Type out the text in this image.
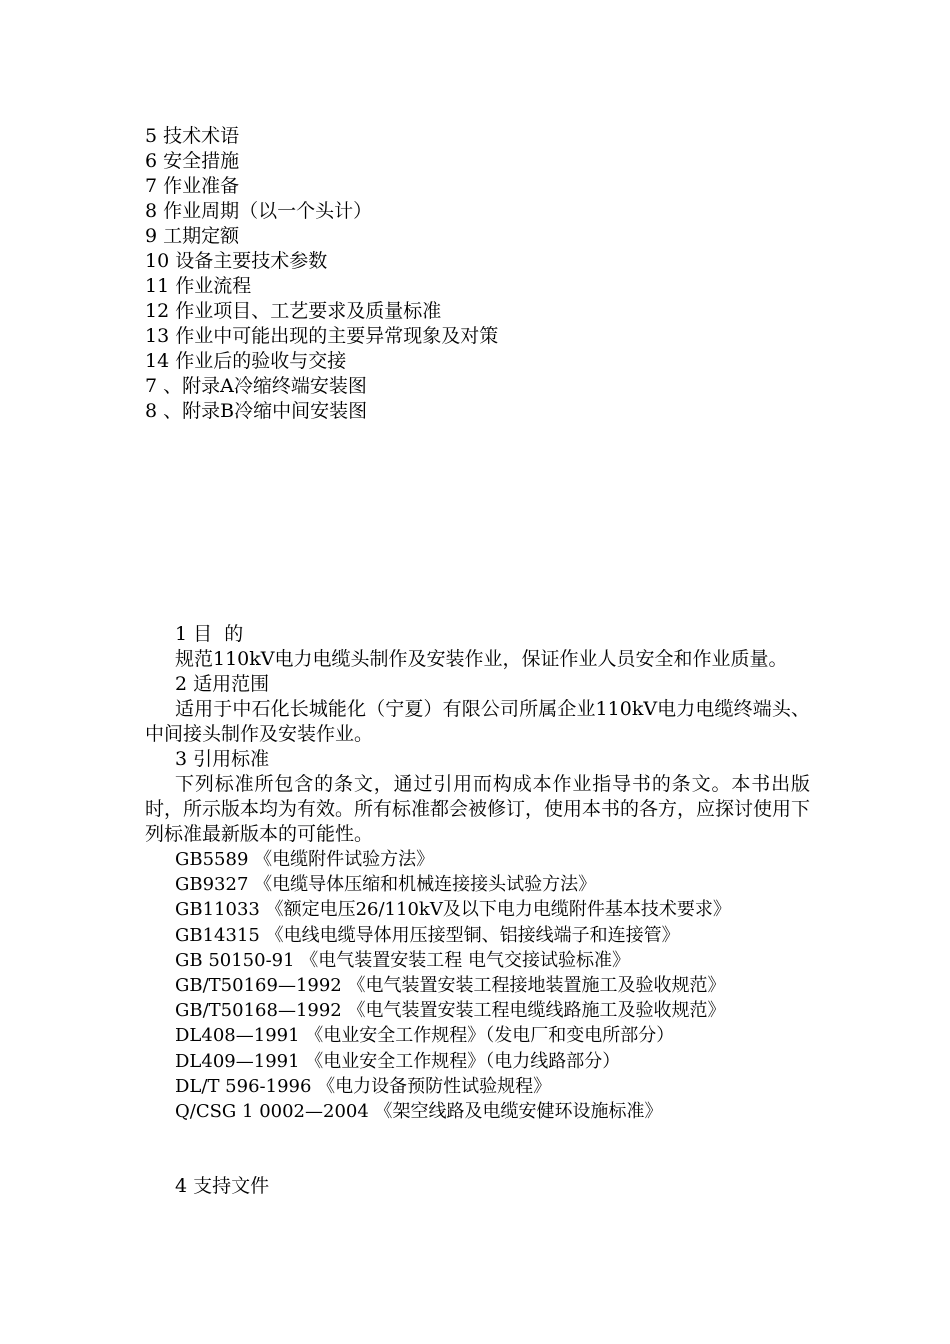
5 技术术语
6 安全措施
7 作业准备
8 作业周期（以一个头计）
9 工期定额
10 设备主要技术参数
11 作业流程
12 作业项目、工艺要求及质量标准
13 作业中可能出现的主要异常现象及对策
14 作业后的验收与交接
7 、附录A冷缩终端安装图
8 、附录B冷缩中间安装图
1 目  的
规范110kV电力电缆头制作及安装作业，保证作业人员安全和作业质量。
2 适用范围
适用于中石化长城能化（宁夏）有限公司所属企业110kV电力电缆终端头、中间接头制作及安装作业。
3 引用标准
下列标准所包含的条文，通过引用而构成本作业指导书的条文。本书出版时，所示版本均为有效。所有标准都会被修订，使用本书的各方，应探讨使用下列标准最新版本的可能性。
GB5589 《电缆附件试验方法》
GB9327 《电缆导体压缩和机械连接接头试验方法》
GB11033 《额定电压26/110kV及以下电力电缆附件基本技术要求》
GB14315 《电线电缆导体用压接型铜、铝接线端子和连接管》
GB 50150-91 《电气装置安装工程 电气交接试验标准》
GB/T50169—1992 《电气装置安装工程接地装置施工及验收规范》
GB/T50168—1992 《电气装置安装工程电缆线路施工及验收规范》
DL408—1991 《电业安全工作规程》（发电厂和变电所部分）
DL409—1991 《电业安全工作规程》（电力线路部分）
DL/T 596-1996 《电力设备预防性试验规程》
Q/CSG 1 0002—2004 《架空线路及电缆安健环设施标准》
4 支持文件
